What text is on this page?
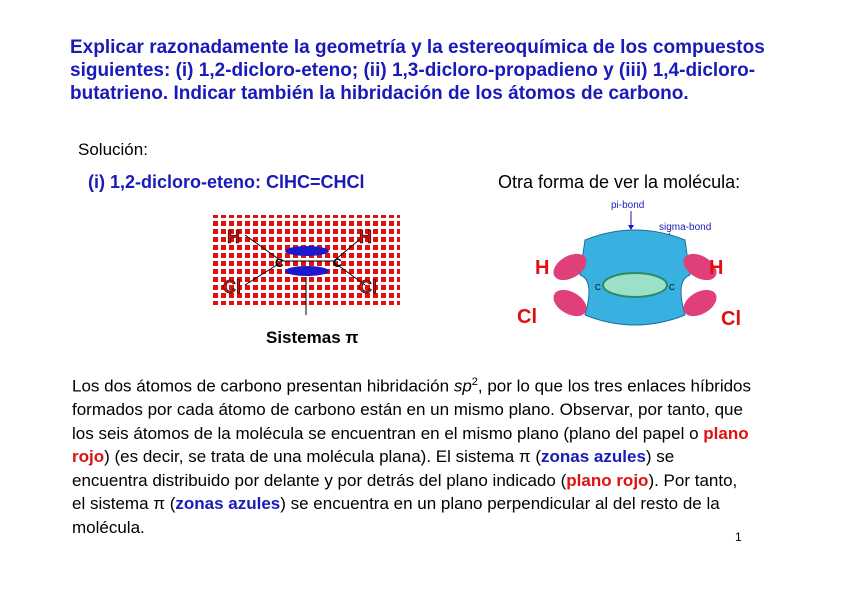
Explicar razonadamente la geometría y la estereoquímica de los compuestos siguientes: (i) 1,2-dicloro-eteno; (ii) 1,3-dicloro-propadieno y (iii) 1,4-dicloro-butatrieno. Indicar también la hibridación de los átomos de carbono.
Solución:
(i) 1,2-dicloro-eteno: ClHC=CHCl	Otra forma de ver la molécula:
H	H
Cl	Cl
C	C
Sistemas π
pi-bond
sigma-bond
H	H
Cl	Cl
C	C
Los dos átomos de carbono presentan hibridación $sp^2$, por lo que los tres enlaces híbridos formados por cada átomo de carbono están en un mismo plano. Observar, por tanto, que los seis átomos de la molécula se encuentran en el mismo plano (plano del papel o plano rojo) (es decir, se trata de una molécula plana). El sistema π (zonas azules) se encuentra distribuido por delante y por detrás del plano indicado (plano rojo). Por tanto, el sistema π (zonas azules) se encuentra en un plano perpendicular al del resto de la molécula.
1
